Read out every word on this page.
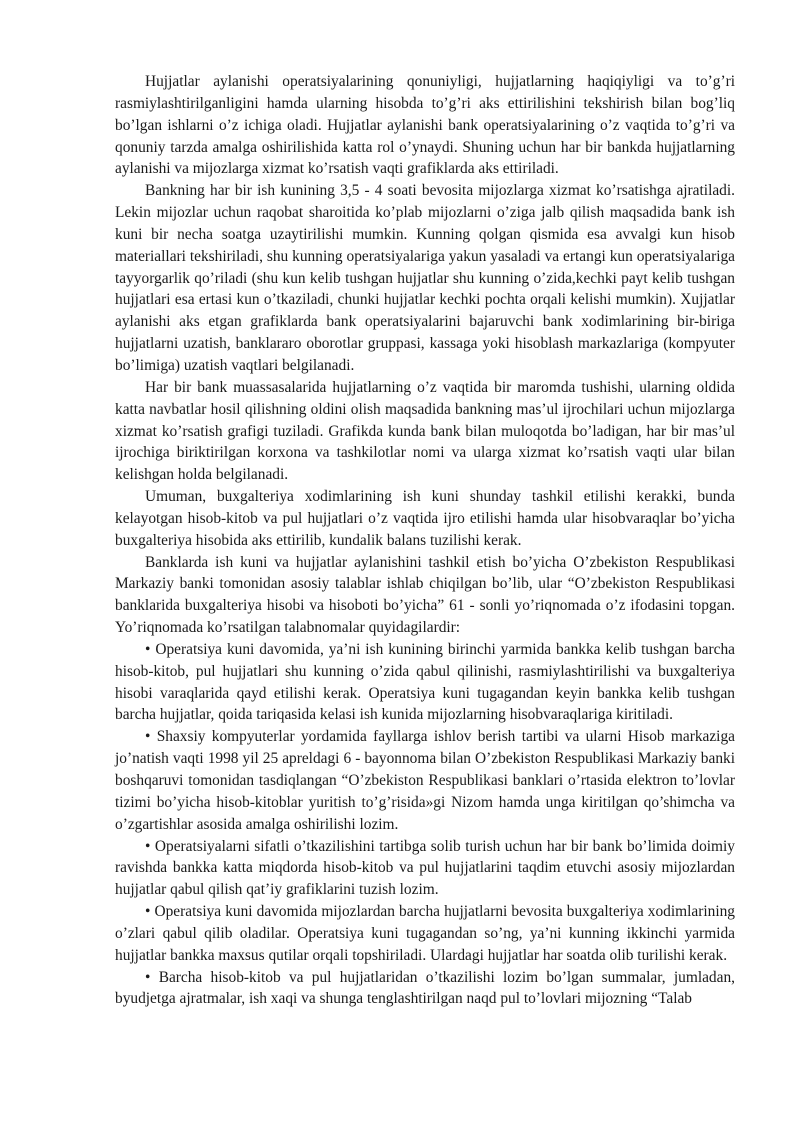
Hujjatlar aylanishi operatsiyalarining qonuniyligi, hujjatlarning haqiqiyligi va to’g’ri rasmiylashtirilganligini hamda ularning hisobda to’g’ri aks ettirilishini tekshirish bilan bog’liq bo’lgan ishlarni o’z ichiga oladi. Hujjatlar aylanishi bank operatsiyalarining o’z vaqtida to’g’ri va qonuniy tarzda amalga oshirilishida katta rol o’ynaydi. Shuning uchun har bir bankda hujjatlarning aylanishi va mijozlarga xizmat ko’rsatish vaqti grafiklarda aks ettiriladi.

Bankning har bir ish kunining 3,5 - 4 soati bevosita mijozlarga xizmat ko’rsatishga ajratiladi. Lekin mijozlar uchun raqobat sharoitida ko’plab mijozlarni o’ziga jalb qilish maqsadida bank ish kuni bir necha soatga uzaytirilishi mumkin. Kunning qolgan qismida esa avvalgi kun hisob materiallari tekshiriladi, shu kunning operatsiyalariga yakun yasaladi va ertangi kun operatsiyalariga tayyorgarlik qo’riladi (shu kun kelib tushgan hujjatlar shu kunning o’zida,kechki payt kelib tushgan hujjatlari esa ertasi kun o’tkaziladi, chunki hujjatlar kechki pochta orqali kelishi mumkin). Xujjatlar aylanishi aks etgan grafiklarda bank operatsiyalarini bajaruvchi bank xodimlarining bir-biriga hujjatlarni uzatish, banklararo oborotlar gruppasi, kassaga yoki hisoblash markazlariga (kompyuter bo’limiga) uzatish vaqtlari belgilanadi.

Har bir bank muassasalarida hujjatlarning o’z vaqtida bir maromda tushishi, ularning oldida katta navbatlar hosil qilishning oldini olish maqsadida bankning mas’ul ijrochilari uchun mijozlarga xizmat ko’rsatish grafigi tuziladi. Grafikda kunda bank bilan muloqotda bo’ladigan, har bir mas’ul ijrochiga biriktirilgan korxona va tashkilotlar nomi va ularga xizmat ko’rsatish vaqti ular bilan kelishgan holda belgilanadi.

Umuman, buxgalteriya xodimlarining ish kuni shunday tashkil etilishi kerakki, bunda kelayotgan hisob-kitob va pul hujjatlari o’z vaqtida ijro etilishi hamda ular hisobvaraqlar bo’yicha buxgalteriya hisobida aks ettirilib, kundalik balans tuzilishi kerak.

Banklarda ish kuni va hujjatlar aylanishini tashkil etish bo’yicha O’zbekiston Respublikasi Markaziy banki tomonidan asosiy talablar ishlab chiqilgan bo’lib, ular “O’zbekiston Respublikasi banklarida buxgalteriya hisobi va hisoboti bo’yicha” 61 - sonli yo’riqnomada o’z ifodasini topgan. Yo’riqnomada ko’rsatilgan talabnomalar quyidagilardir:

• Operatsiya kuni davomida, ya’ni ish kunining birinchi yarmida bankka kelib tushgan barcha hisob-kitob, pul hujjatlari shu kunning o’zida qabul qilinishi, rasmiylashtirilishi va buxgalteriya hisobi varaqlarida qayd etilishi kerak. Operatsiya kuni tugagandan keyin bankka kelib tushgan barcha hujjatlar, qoida tariqasida kelasi ish kunida mijozlarning hisobvaraqlariga kiritiladi.

• Shaxsiy kompyuterlar yordamida fayllarga ishlov berish tartibi va ularni Hisob markaziga jo’natish vaqti 1998 yil 25 apreldagi 6 - bayonnoma bilan O’zbekiston Respublikasi Markaziy banki boshqaruvi tomonidan tasdiqlangan “O’zbekiston Respublikasi banklari o’rtasida elektron to’lovlar tizimi bo’yicha hisob-kitoblar yuritish to’g’risida»gi Nizom hamda unga kiritilgan qo’shimcha va o’zgartishlar asosida amalga oshirilishi lozim.

• Operatsiyalarni sifatli o’tkazilishini tartibga solib turish uchun har bir bank bo’limida doimiy ravishda bankka katta miqdorda hisob-kitob va pul hujjatlarini taqdim etuvchi asosiy mijozlardan hujjatlar qabul qilish qat’iy grafiklarini tuzish lozim.

• Operatsiya kuni davomida mijozlardan barcha hujjatlarni bevosita buxgalteriya xodimlarining o’zlari qabul qilib oladilar. Operatsiya kuni tugagandan so’ng, ya’ni kunning ikkinchi yarmida hujjatlar bankka maxsus qutilar orqali topshiriladi. Ulardagi hujjatlar har soatda olib turilishi kerak.

• Barcha hisob-kitob va pul hujjatlaridan o’tkazilishi lozim bo’lgan summalar, jumladan, byudjetga ajratmalar, ish xaqi va shunga tenglashtirilgan naqd pul to’lovlari mijozning “Talab
